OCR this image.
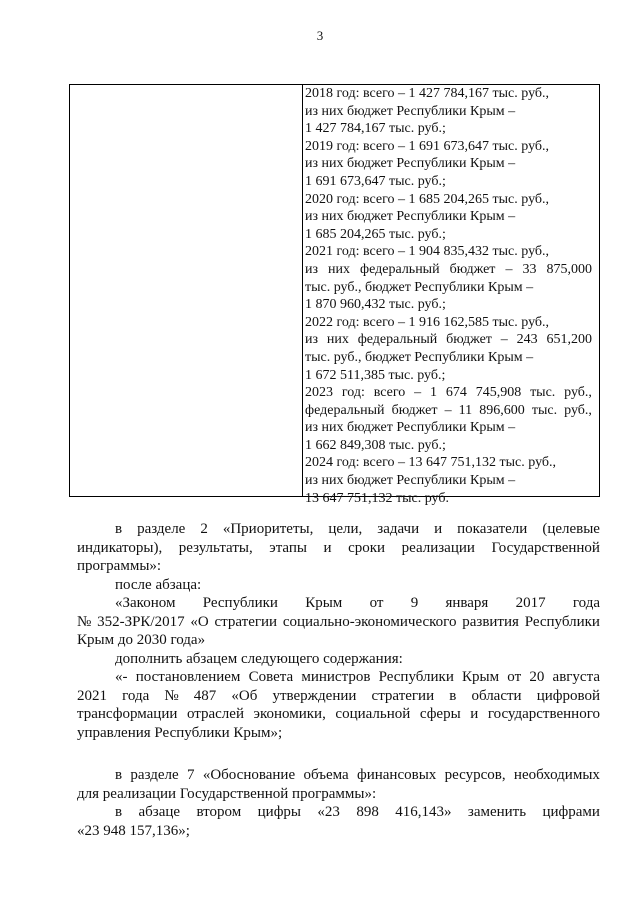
3
2018 год: всего – 1 427 784,167 тыс. руб.,
из них бюджет Республики Крым –
1 427 784,167 тыс. руб.;
2019 год: всего – 1 691 673,647 тыс. руб.,
из них бюджет Республики Крым –
1 691 673,647 тыс. руб.;
2020 год: всего – 1 685 204,265 тыс. руб.,
из них бюджет Республики Крым –
1 685 204,265 тыс. руб.;
2021 год: всего – 1 904 835,432 тыс. руб.,
из них федеральный бюджет – 33 875,000
тыс. руб., бюджет Республики Крым –
1 870 960,432 тыс. руб.;
2022 год: всего – 1 916 162,585 тыс. руб.,
из них федеральный бюджет – 243 651,200
тыс. руб., бюджет Республики Крым –
1 672 511,385 тыс. руб.;
2023 год: всего – 1 674 745,908 тыс. руб.,
федеральный бюджет – 11 896,600 тыс. руб.,
из них бюджет Республики Крым –
1 662 849,308 тыс. руб.;
2024 год: всего – 13 647 751,132 тыс. руб.,
из них бюджет Республики Крым –
13 647 751,132 тыс. руб.
в разделе 2 «Приоритеты, цели, задачи и показатели (целевые
индикаторы), результаты, этапы и сроки реализации Государственной
программы»:
после абзаца:
«Законом Республики Крым от 9 января 2017 года
№ 352-ЗРК/2017 «О стратегии социально-экономического развития Республики
Крым до 2030 года»
дополнить абзацем следующего содержания:
«- постановлением Совета министров Республики Крым от 20 августа
2021 года № 487 «Об утверждении стратегии в области цифровой
трансформации отраслей экономики, социальной сферы и государственного
управления Республики Крым»;
в разделе 7 «Обоснование объема финансовых ресурсов, необходимых
для реализации Государственной программы»:
в абзаце втором цифры «23 898 416,143» заменить цифрами
«23 948 157,136»;
